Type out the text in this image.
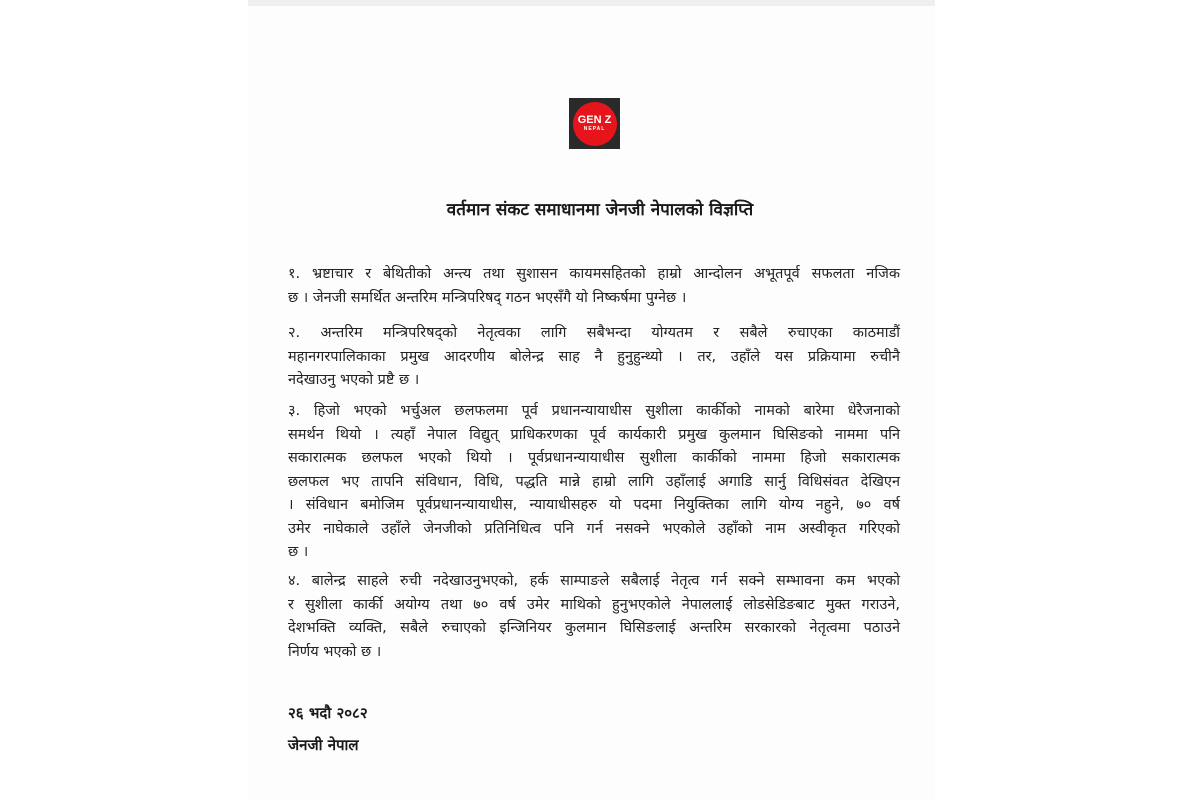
GEN Z
NEPAL
वर्तमान संकट समाधानमा जेनजी नेपालको विज्ञप्ति
१. भ्रष्टाचार र बेथितीको अन्त्य तथा सुशासन कायमसहितको हाम्रो आन्दोलन अभूतपूर्व सफलता नजिक
छ । जेनजी समर्थित अन्तरिम मन्त्रिपरिषद् गठन भएसँगै यो निष्कर्षमा पुग्नेछ ।
२. अन्तरिम मन्त्रिपरिषद्को नेतृत्वका लागि सबैभन्दा योग्यतम र सबैले रुचाएका काठमाडौं
महानगरपालिकाका प्रमुख आदरणीय बोलेन्द्र साह नै हुनुहुन्थ्यो । तर, उहाँले यस प्रक्रियामा रुचीनै
नदेखाउनु भएको प्रष्टै छ ।
३. हिजो भएको भर्चुअल छलफलमा पूर्व प्रधानन्यायाधीस सुशीला कार्कीको नामको बारेमा धेरैजनाको
समर्थन थियो । त्यहाँ नेपाल विद्युत् प्राधिकरणका पूर्व कार्यकारी प्रमुख कुलमान घिसिङको नाममा पनि
सकारात्मक छलफल भएको थियो । पूर्वप्रधानन्यायाधीस सुशीला कार्कीको नाममा हिजो सकारात्मक
छलफल भए तापनि संविधान, विधि, पद्धति मान्ने हाम्रो लागि उहाँलाई अगाडि सार्नु विधिसंवत देखिएन
। संविधान बमोजिम पूर्वप्रधानन्यायाधीस, न्यायाधीसहरु यो पदमा नियुक्तिका लागि योग्य नहुने, ७० वर्ष
उमेर नाघेकाले उहाँले जेनजीको प्रतिनिधित्व पनि गर्न नसक्ने भएकोले उहाँको नाम अस्वीकृत गरिएको
छ ।
४. बालेन्द्र साहले रुची नदेखाउनुभएको, हर्क साम्पाङले सबैलाई नेतृत्व गर्न सक्ने सम्भावना कम भएको
र सुशीला कार्की अयोग्य तथा ७० वर्ष उमेर माथिको हुनुभएकोले नेपाललाई लोडसेडिङबाट मुक्त गराउने,
देशभक्ति व्यक्ति, सबैले रुचाएको इन्जिनियर कुलमान घिसिङलाई अन्तरिम सरकारको नेतृत्वमा पठाउने
निर्णय भएको छ ।
२६ भदौ २०८२
जेनजी नेपाल
